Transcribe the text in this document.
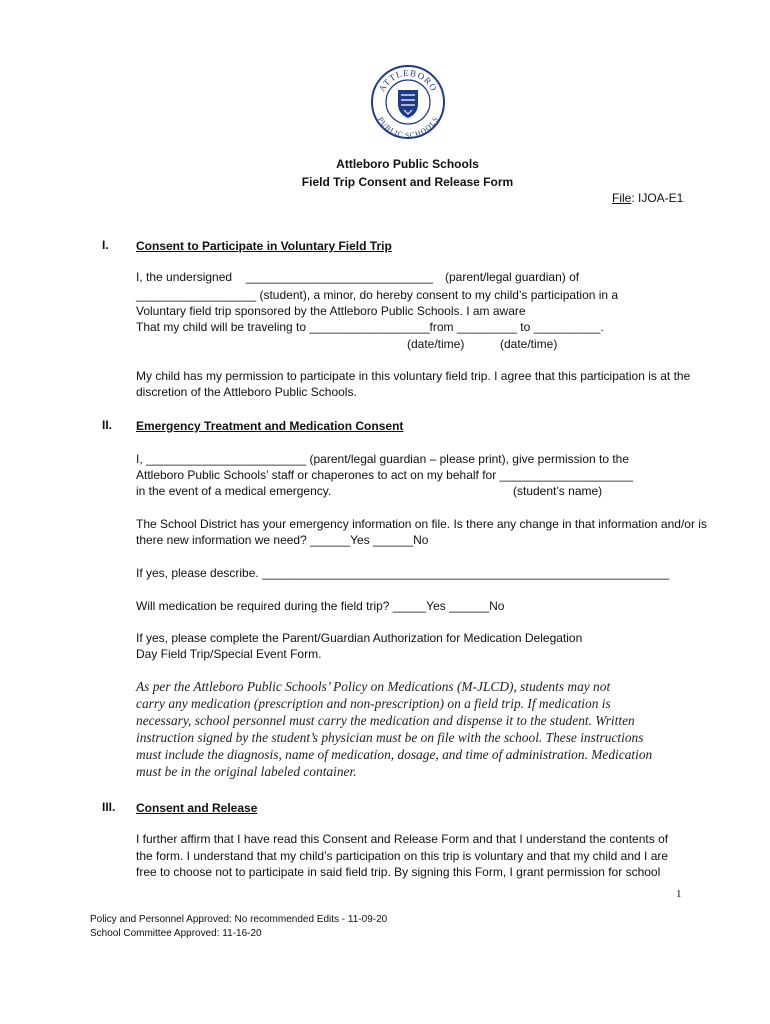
ATTLEBORO
PUBLIC SCHOOLS
Attleboro Public Schools
Field Trip Consent and Release Form
File: IJOA-E1
I. Consent to Participate in Voluntary Field Trip
I, the undersigned ____________________________ (parent/legal guardian) of
__________________ (student), a minor, do hereby consent to my child’s participation in a
Voluntary field trip sponsored by the Attleboro Public Schools. I am aware
That my child will be traveling to __________________from _________ to __________.
(date/time)	(date/time)
My child has my permission to participate in this voluntary field trip. I agree that this participation is at the
discretion of the Attleboro Public Schools.
II. Emergency Treatment and Medication Consent
I, ________________________ (parent/legal guardian – please print), give permission to the
Attleboro Public Schools’ staff or chaperones to act on my behalf for ____________________
in the event of a medical emergency.	(student’s name)
The School District has your emergency information on file. Is there any change in that information and/or is
there new information we need? ______Yes ______No
If yes, please describe. _____________________________________________________________
Will medication be required during the field trip? _____Yes ______No
If yes, please complete the Parent/Guardian Authorization for Medication Delegation
Day Field Trip/Special Event Form.
As per the Attleboro Public Schools’ Policy on Medications (M-JLCD), students may not
carry any medication (prescription and non-prescription) on a field trip. If medication is
necessary, school personnel must carry the medication and dispense it to the student. Written
instruction signed by the student’s physician must be on file with the school. These instructions
must include the diagnosis, name of medication, dosage, and time of administration. Medication
must be in the original labeled container.
III. Consent and Release
I further affirm that I have read this Consent and Release Form and that I understand the contents of
the form. I understand that my child’s participation on this trip is voluntary and that my child and I are
free to choose not to participate in said field trip. By signing this Form, I grant permission for school
1
Policy and Personnel Approved: No recommended Edits - 11-09-20
School Committee Approved: 11-16-20
